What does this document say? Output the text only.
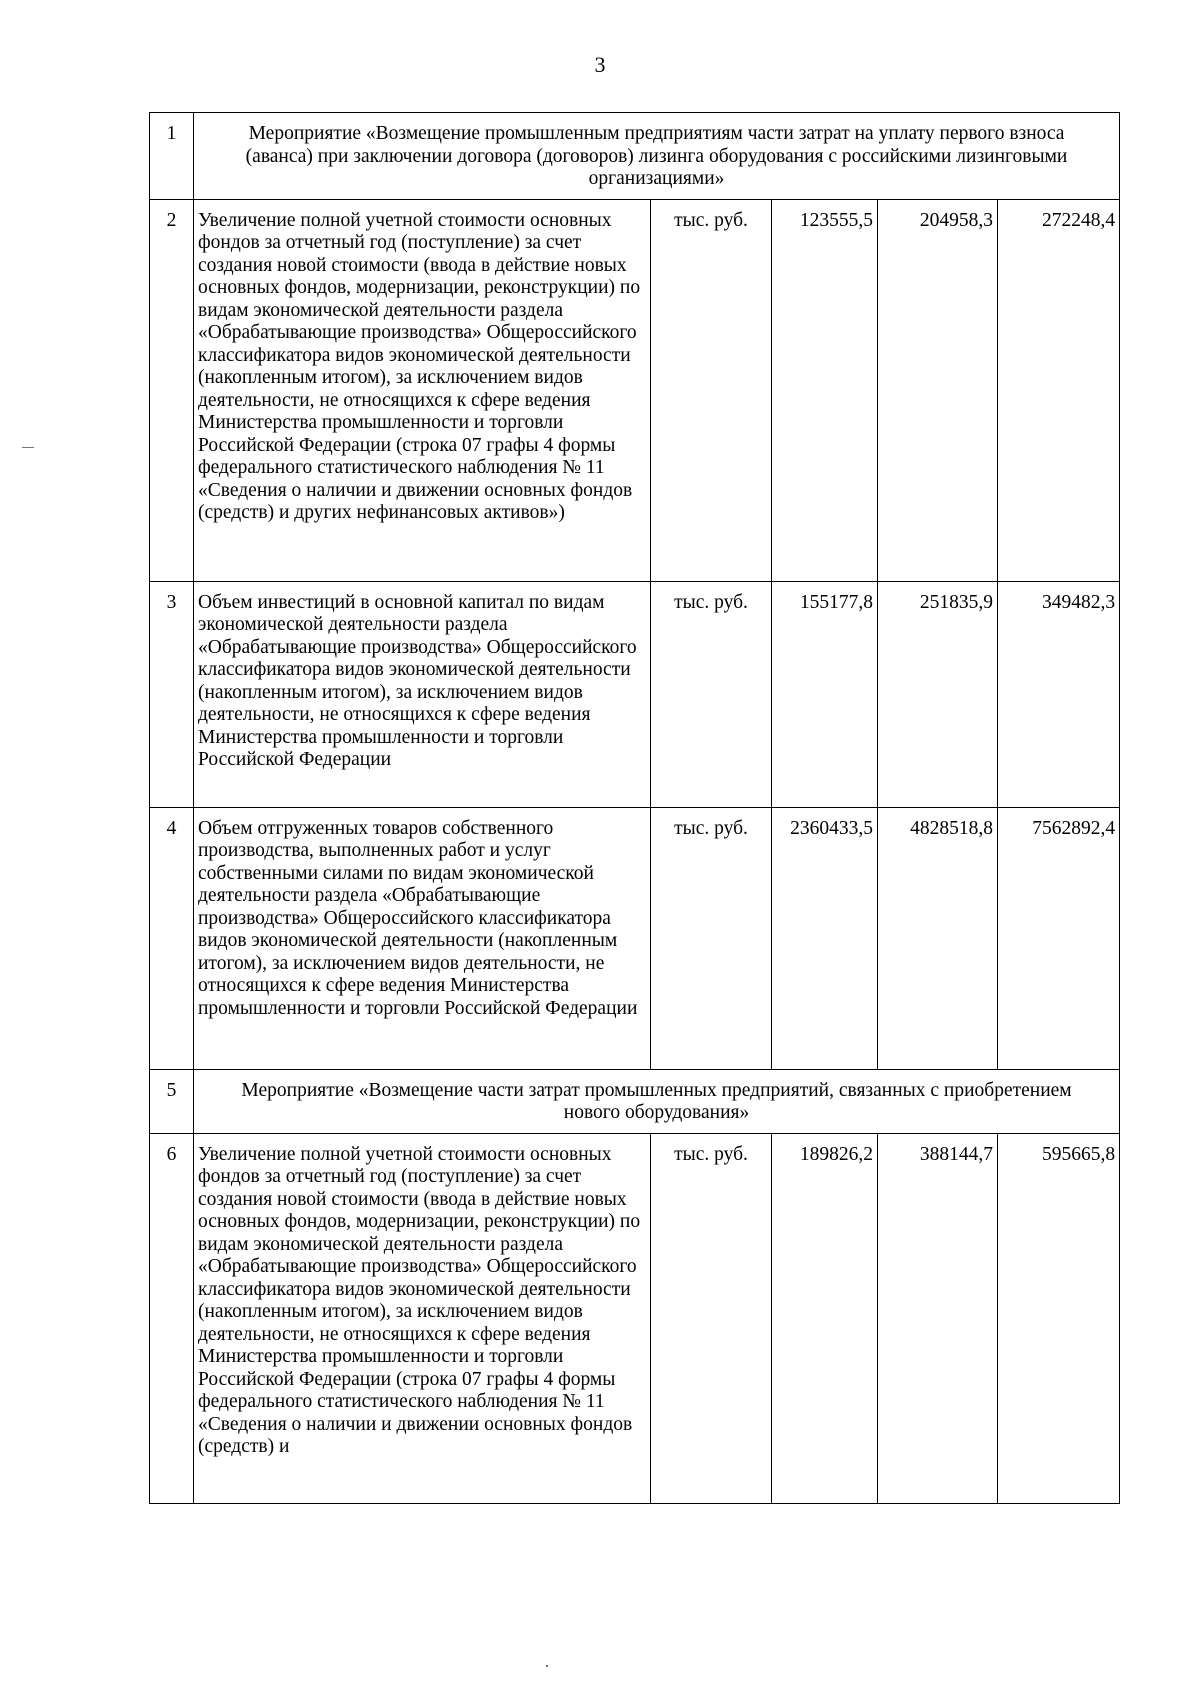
3
1	Мероприятие «Возмещение промышленным предприятиям части затрат на уплату первого взноса (аванса) при заключении договора (договоров) лизинга оборудования с российскими лизинговыми организациями»				
2	Увеличение полной учетной стоимости основных фондов за отчетный год (поступление) за счет создания новой стоимости (ввода в действие новых основных фондов, модернизации, реконструкции) по видам экономической деятельности раздела «Обрабатывающие производства» Общероссийского классификатора видов экономической деятельности (накопленным итогом), за исключением видов деятельности, не относящихся к сфере ведения Министерства промышленности и торговли Российской Федерации (строка 07 графы 4 формы федерального статистического наблюдения № 11 «Сведения о наличии и движении основных фондов (средств) и других нефинансовых активов»)	тыс. руб.	123555,5	204958,3	272248,4
3	Объем инвестиций в основной капитал по видам экономической деятельности раздела «Обрабатывающие производства» Общероссийского классификатора видов экономической деятельности (накопленным итогом), за исключением видов деятельности, не относящихся к сфере ведения Министерства промышленности и торговли Российской Федерации	тыс. руб.	155177,8	251835,9	349482,3
4	Объем отгруженных товаров собственного производства, выполненных работ и услуг собственными силами по видам экономической деятельности раздела «Обрабатывающие производства» Общероссийского классификатора видов экономической деятельности (накопленным итогом), за исключением видов деятельности, не относящихся к сфере ведения Министерства промышленности и торговли Российской Федерации	тыс. руб.	2360433,5	4828518,8	7562892,4
5	Мероприятие «Возмещение части затрат промышленных предприятий, связанных с приобретением нового оборудования»				
6	Увеличение полной учетной стоимости основных фондов за отчетный год (поступление) за счет создания новой стоимости (ввода в действие новых основных фондов, модернизации, реконструкции) по видам экономической деятельности раздела «Обрабатывающие производства» Общероссийского классификатора видов экономической деятельности (накопленным итогом), за исключением видов деятельности, не относящихся к сфере ведения Министерства промышленности и торговли Российской Федерации (строка 07 графы 4 формы федерального статистического наблюдения № 11 «Сведения о наличии и движении основных фондов (средств) и	тыс. руб.	189826,2	388144,7	595665,8
